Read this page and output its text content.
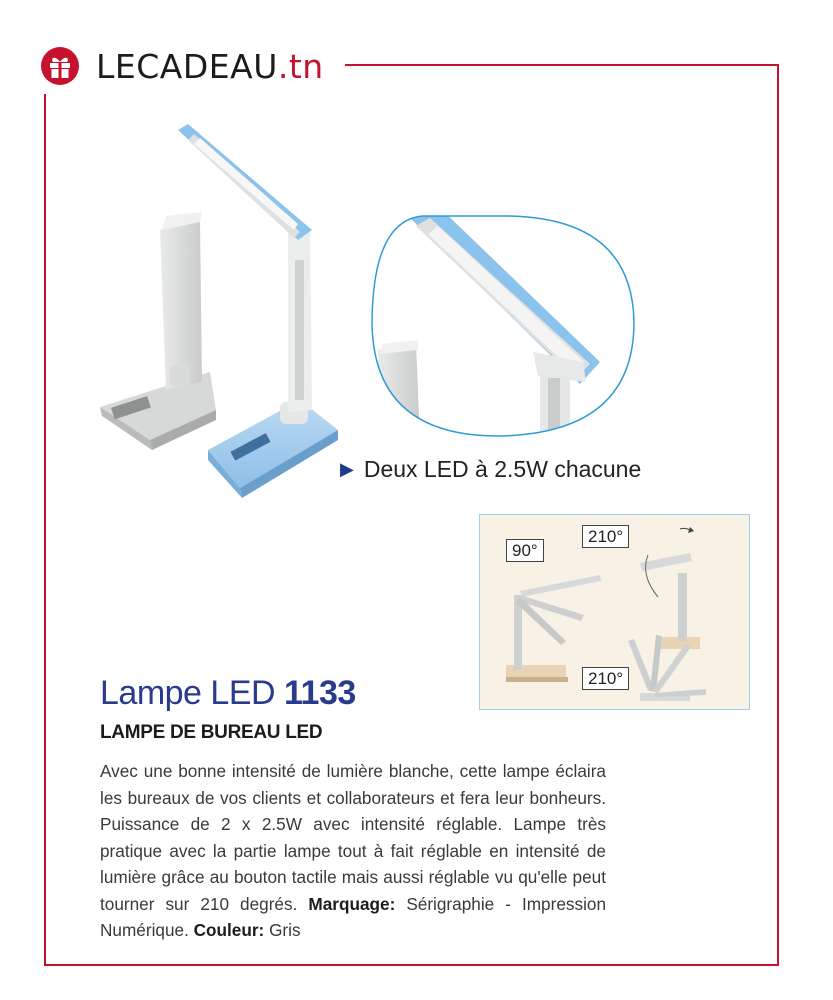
LECADEAU.tn
▶ Deux LED à 2.5W chacune
90°
210°
210°
Lampe LED 1133
LAMPE DE BUREAU LED
Avec une bonne intensité de lumière blanche, cette lampe éclaira les bureaux de vos clients et collaborateurs et fera leur bonheurs. Puissance de 2 x 2.5W avec intensité réglable. Lampe très pratique avec la partie lampe tout à fait réglable en intensité de lumière grâce au bouton tactile mais aussi réglable vu qu'elle peut tourner sur 210 degrés. Marquage: Sérigraphie - Impression Numérique. Couleur: Gris
